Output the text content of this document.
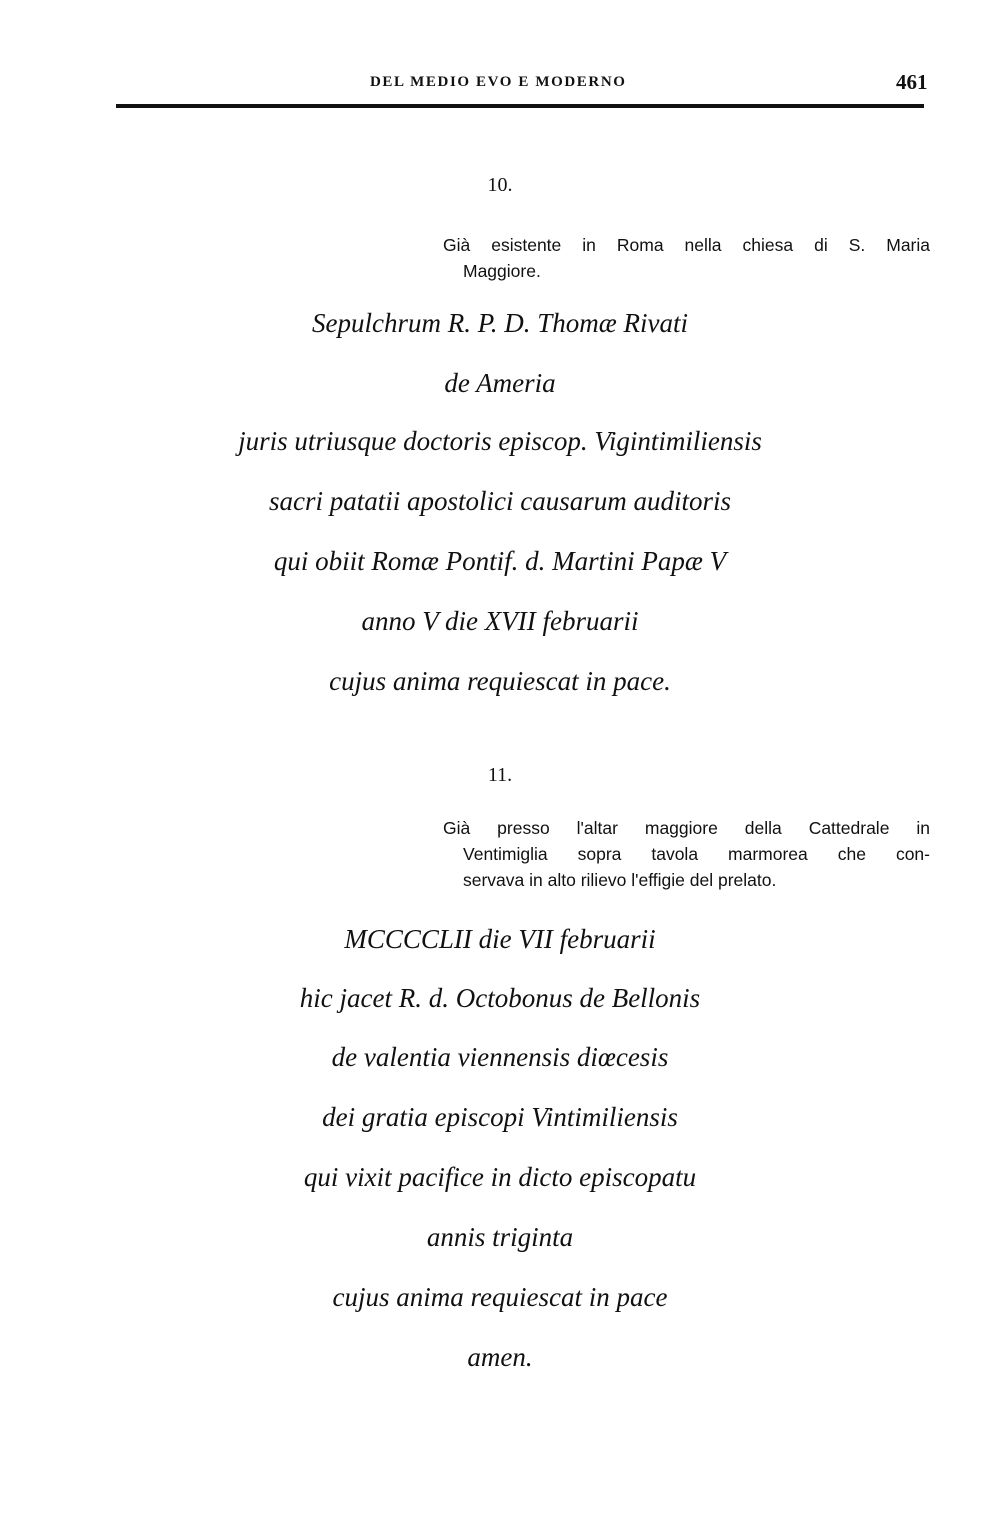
DEL MEDIO EVO E MODERNO	461
10.
Già esistente in Roma nella chiesa di S. Maria
Maggiore.
Sepulchrum R. P. D. Thomæ Rivati
de Ameria
juris utriusque doctoris episcop. Vigintimiliensis
sacri patatii apostolici causarum auditoris
qui obiit Romæ Pontif. d. Martini Papæ V
anno V die XVII februarii
cujus anima requiescat in pace.
11.
Già presso l'altar maggiore della Cattedrale in
Ventimiglia sopra tavola marmorea che con-
servava in alto rilievo l'effigie del prelato.
MCCCCLII die VII februarii
hic jacet R. d. Octobonus de Bellonis
de valentia viennensis diœcesis
dei gratia episcopi Vintimiliensis
qui vixit pacifice in dicto episcopatu
annis triginta
cujus anima requiescat in pace
amen.
